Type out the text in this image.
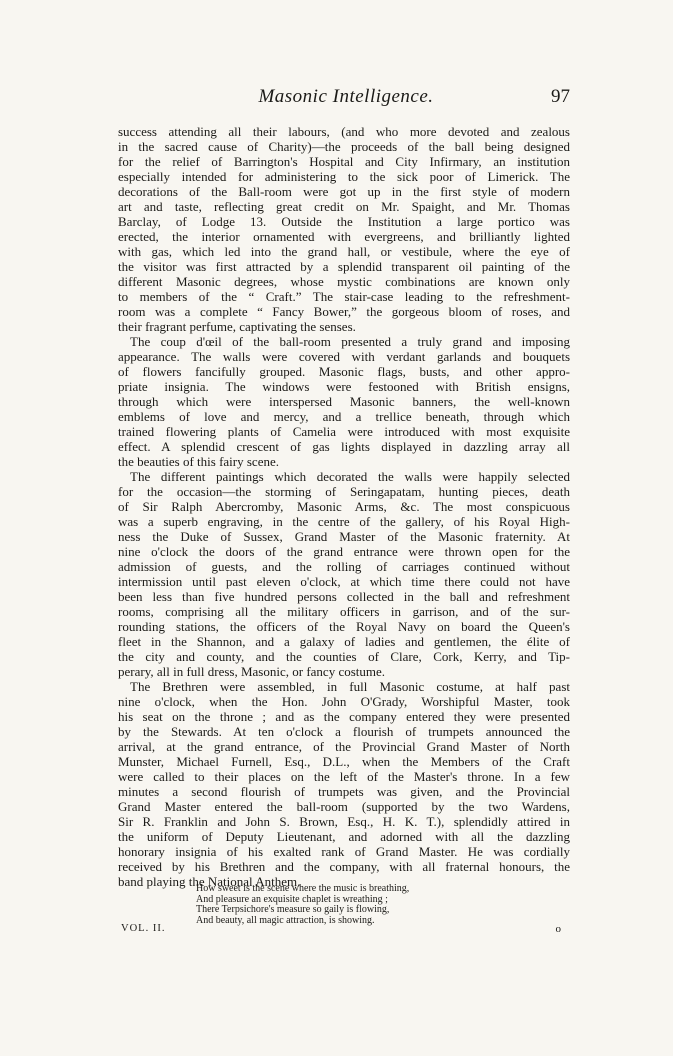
Masonic Intelligence.	97
success attending all their labours, (and who more devoted and zealous
in the sacred cause of Charity)—the proceeds of the ball being designed
for the relief of Barrington's Hospital and City Infirmary, an institution
especially intended for administering to the sick poor of Limerick. The
decorations of the Ball-room were got up in the first style of modern
art and taste, reflecting great credit on Mr. Spaight, and Mr. Thomas
Barclay, of Lodge 13. Outside the Institution a large portico was
erected, the interior ornamented with evergreens, and brilliantly lighted
with gas, which led into the grand hall, or vestibule, where the eye of
the visitor was first attracted by a splendid transparent oil painting of the
different Masonic degrees, whose mystic combinations are known only
to members of the “ Craft.” The stair-case leading to the refreshment-
room was a complete “ Fancy Bower,” the gorgeous bloom of roses, and
their fragrant perfume, captivating the senses.
The coup d'œil of the ball-room presented a truly grand and imposing
appearance. The walls were covered with verdant garlands and bouquets
of flowers fancifully grouped. Masonic flags, busts, and other appro-
priate insignia. The windows were festooned with British ensigns,
through which were interspersed Masonic banners, the well-known
emblems of love and mercy, and a trellice beneath, through which
trained flowering plants of Camelia were introduced with most exquisite
effect. A splendid crescent of gas lights displayed in dazzling array all
the beauties of this fairy scene.
The different paintings which decorated the walls were happily selected
for the occasion—the storming of Seringapatam, hunting pieces, death
of Sir Ralph Abercromby, Masonic Arms, &c. The most conspicuous
was a superb engraving, in the centre of the gallery, of his Royal High-
ness the Duke of Sussex, Grand Master of the Masonic fraternity. At
nine o'clock the doors of the grand entrance were thrown open for the
admission of guests, and the rolling of carriages continued without
intermission until past eleven o'clock, at which time there could not have
been less than five hundred persons collected in the ball and refreshment
rooms, comprising all the military officers in garrison, and of the sur-
rounding stations, the officers of the Royal Navy on board the Queen's
fleet in the Shannon, and a galaxy of ladies and gentlemen, the élite of
the city and county, and the counties of Clare, Cork, Kerry, and Tip-
perary, all in full dress, Masonic, or fancy costume.
The Brethren were assembled, in full Masonic costume, at half past
nine o'clock, when the Hon. John O'Grady, Worshipful Master, took
his seat on the throne ; and as the company entered they were presented
by the Stewards. At ten o'clock a flourish of trumpets announced the
arrival, at the grand entrance, of the Provincial Grand Master of North
Munster, Michael Furnell, Esq., D.L., when the Members of the Craft
were called to their places on the left of the Master's throne. In a few
minutes a second flourish of trumpets was given, and the Provincial
Grand Master entered the ball-room (supported by the two Wardens,
Sir R. Franklin and John S. Brown, Esq., H. K. T.), splendidly attired in
the uniform of Deputy Lieutenant, and adorned with all the dazzling
honorary insignia of his exalted rank of Grand Master. He was cordially
received by his Brethren and the company, with all fraternal honours, the
band playing the National Anthem.
How sweet is the scene where the music is breathing,
And pleasure an exquisite chaplet is wreathing ;
There Terpsichore's measure so gaily is flowing,
And beauty, all magic attraction, is showing.
VOL. II.	o
